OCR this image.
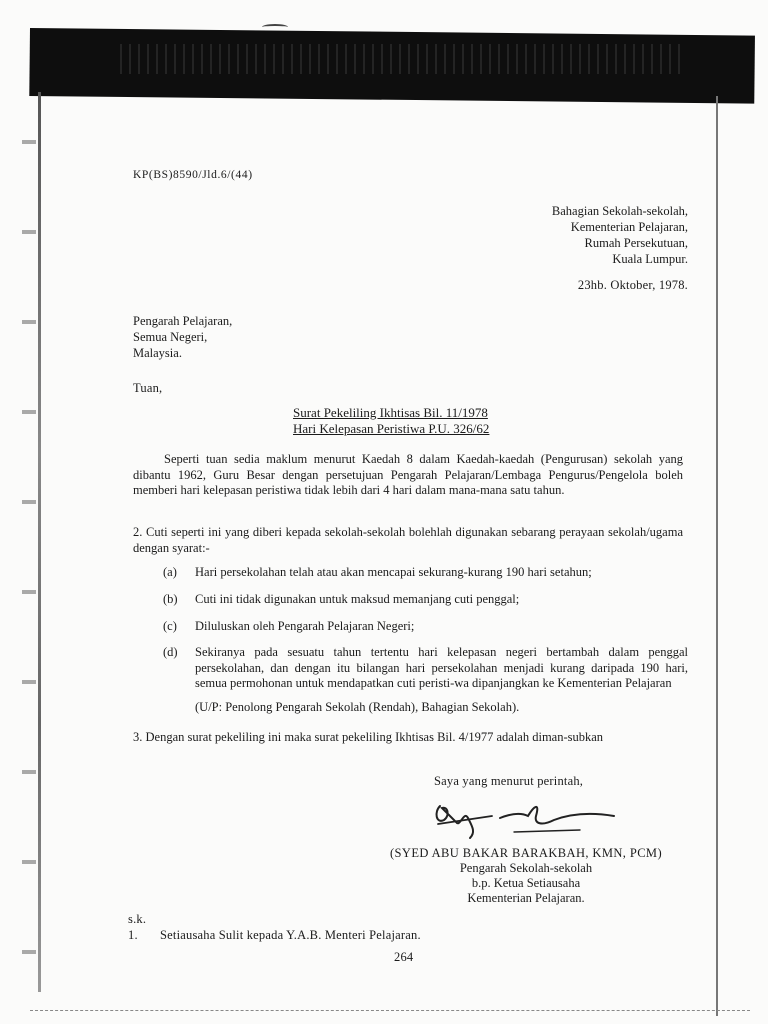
KP(BS)8590/Jld.6/(44)
Bahagian Sekolah-sekolah,
Kementerian Pelajaran,
Rumah Persekutuan,
Kuala Lumpur.
23hb. Oktober, 1978.
Pengarah Pelajaran,
Semua Negeri,
Malaysia.
Tuan,
Surat Pekeliling Ikhtisas Bil. 11/1978
Hari Kelepasan Peristiwa P.U. 326/62
Seperti tuan sedia maklum menurut Kaedah 8 dalam Kaedah-kaedah (Pengurusan) sekolah yang dibantu 1962, Guru Besar dengan persetujuan Pengarah Pelajaran/Lembaga Pengurus/Pengelola boleh memberi hari kelepasan peristiwa tidak lebih dari 4 hari dalam mana-mana satu tahun.
2. Cuti seperti ini yang diberi kepada sekolah-sekolah bolehlah digunakan sebarang perayaan sekolah/ugama dengan syarat:-
(a)	Hari persekolahan telah atau akan mencapai sekurang-kurang 190 hari setahun;
(b)	Cuti ini tidak digunakan untuk maksud memanjang cuti penggal;
(c)	Diluluskan oleh Pengarah Pelajaran Negeri;
(d)	Sekiranya pada sesuatu tahun tertentu hari kelepasan negeri bertambah dalam penggal persekolahan, dan dengan itu bilangan hari persekolahan menjadi kurang daripada 190 hari, semua permohonan untuk mendapatkan cuti peristi-wa dipanjangkan ke Kementerian Pelajaran
(U/P: Penolong Pengarah Sekolah (Rendah), Bahagian Sekolah).
3. Dengan surat pekeliling ini maka surat pekeliling Ikhtisas Bil. 4/1977 adalah diman-subkan
Saya yang menurut perintah,
(SYED ABU BAKAR BARAKBAH, KMN, PCM)
Pengarah Sekolah-sekolah
b.p. Ketua Setiausaha
Kementerian Pelajaran.
s.k.
1. Setiausaha Sulit kepada Y.A.B. Menteri Pelajaran.
264
